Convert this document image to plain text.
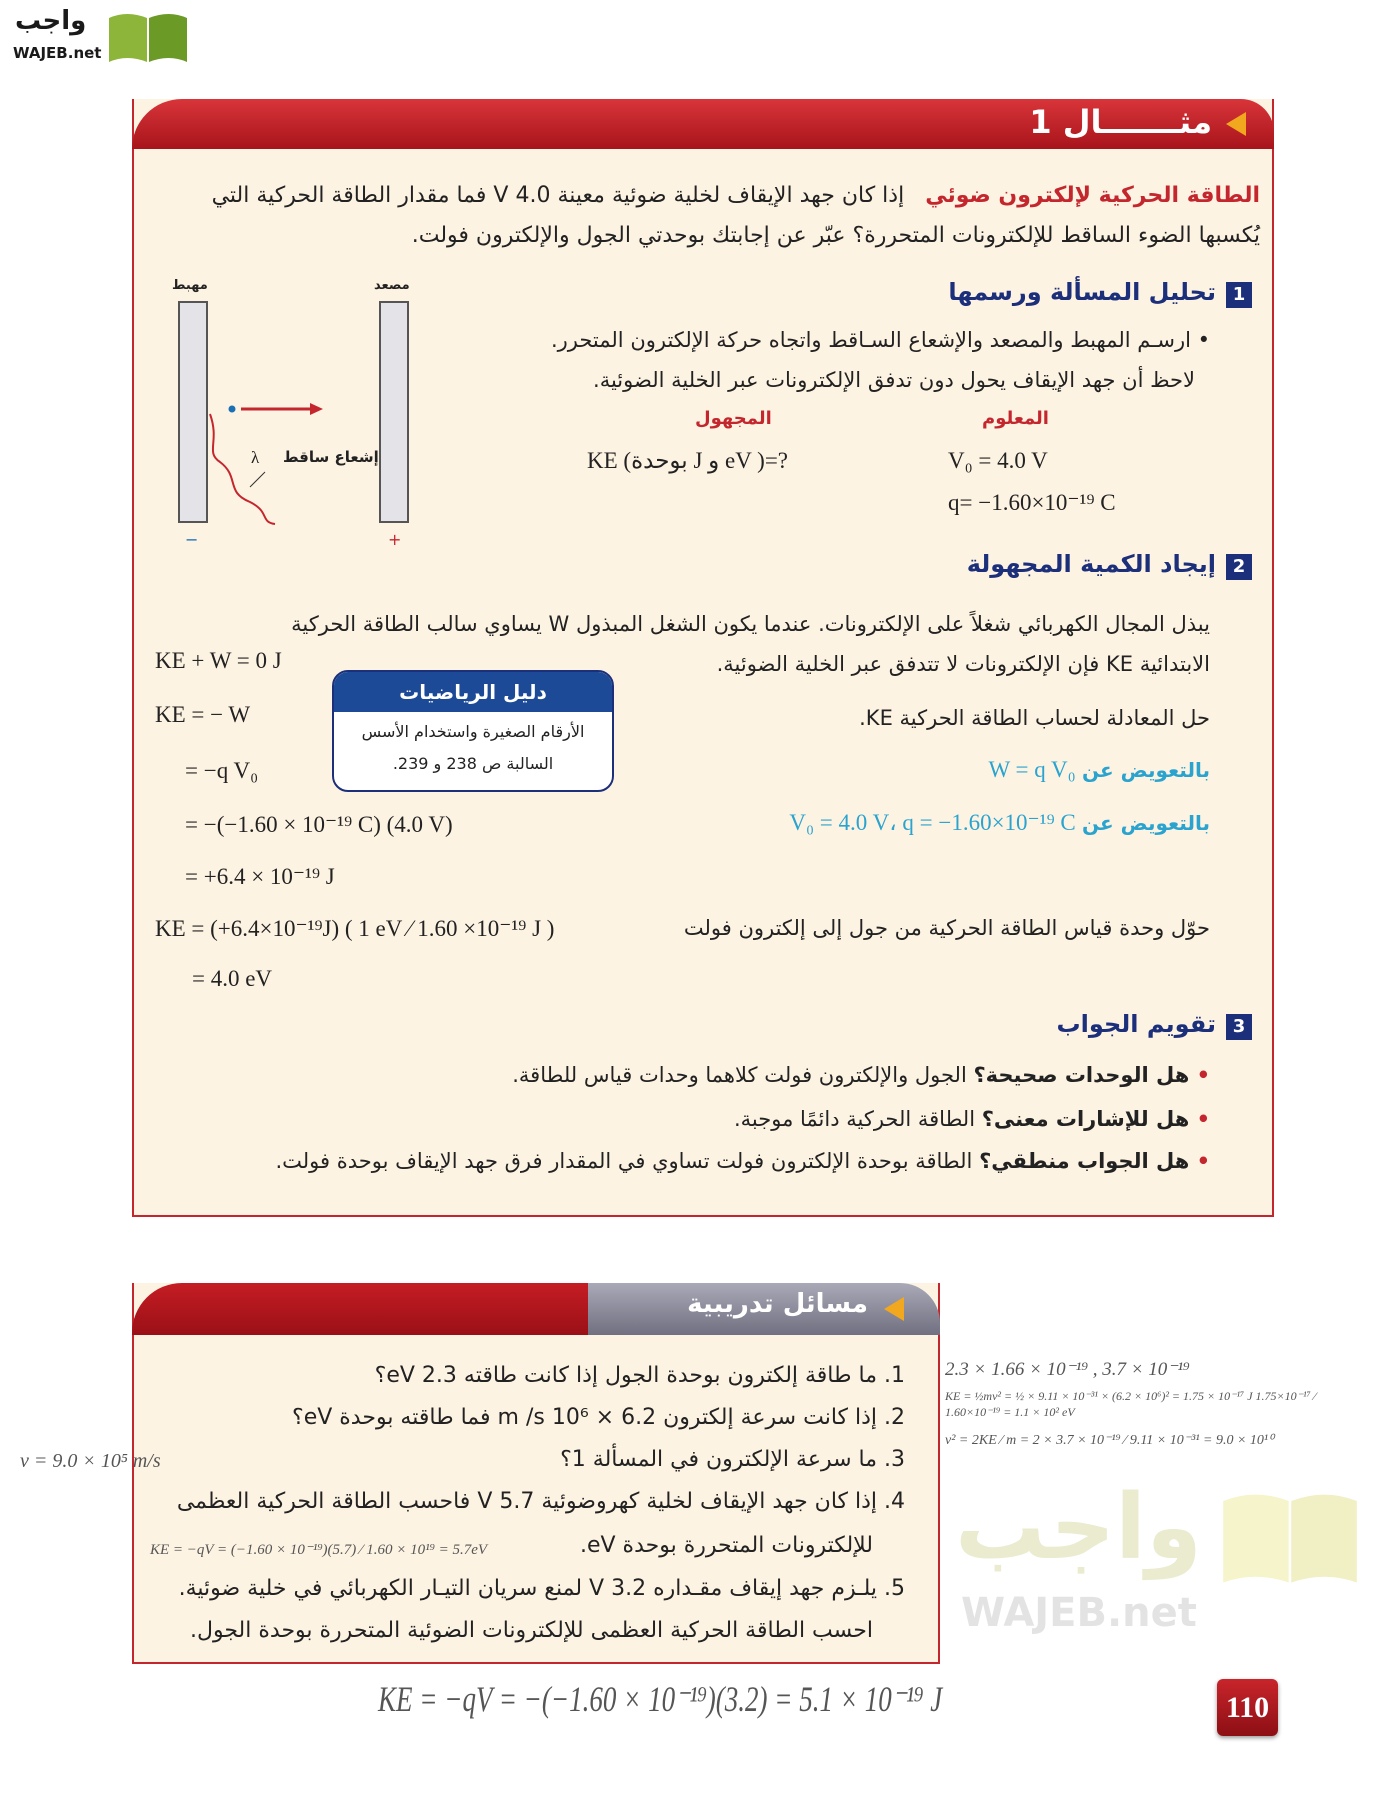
واجب
WAJEB.net
مثـــــــال 1
الطاقة الحركية لإلكترون ضوئي   إذا كان جهد الإيقاف لخلية ضوئية معينة 4.0 V فما مقدار الطاقة الحركية التي يُكسبها الضوء الساقط للإلكترونات المتحررة؟ عبّر عن إجابتك بوحدتي الجول والإلكترون فولت.
مهبط	مصعد
إشعاع ساقط
λ
−	+
1تحليل المسألة ورسمها
• ارسـم المهبط والمصعد والإشعاع السـاقط واتجاه حركة الإلكترون المتحرر.
لاحظ أن جهد الإيقاف يحول دون تدفق الإلكترونات عبر الخلية الضوئية.
المعلوم
المجهول
V₀ = 4.0 V
q= −1.60×10⁻¹⁹ C
KE (بوحدة J و eV )=?
2إيجاد الكمية المجهولة
يبذل المجال الكهربائي شغلاً على الإلكترونات. عندما يكون الشغل المبذول W يساوي سالب الطاقة الحركية
الابتدائية KE فإن الإلكترونات لا تتدفق عبر الخلية الضوئية.
حل المعادلة لحساب الطاقة الحركية KE.
بالتعويض عن W = q V₀
بالتعويض عن V₀ = 4.0 V، q = −1.60×10⁻¹⁹ C
حوّل وحدة قياس الطاقة الحركية من جول إلى إلكترون فولت
KE + W = 0 J
KE = − W
= −q V₀
= −(−1.60 × 10⁻¹⁹ C) (4.0 V)
= +6.4 × 10⁻¹⁹ J
KE = (+6.4×10⁻¹⁹J) ( 1 eV ⁄ 1.60 ×10⁻¹⁹ J )
= 4.0 eV
دليل الرياضيات
الأرقام الصغيرة واستخدام الأسس
السالبة ص 238 و 239.
3تقويم الجواب
• هل الوحدات صحيحة؟ الجول والإلكترون فولت كلاهما وحدات قياس للطاقة.
• هل للإشارات معنى؟ الطاقة الحركية دائمًا موجبة.
• هل الجواب منطقي؟ الطاقة بوحدة الإلكترون فولت تساوي في المقدار فرق جهد الإيقاف بوحدة فولت.
مسائل تدريبية
1. ما طاقة إلكترون بوحدة الجول إذا كانت طاقته 2.3 eV؟
2. إذا كانت سرعة إلكترون 6.2 × 10⁶ m /s فما طاقته بوحدة eV؟
3. ما سرعة الإلكترون في المسألة 1؟
4. إذا كان جهد الإيقاف لخلية كهروضوئية 5.7 V فاحسب الطاقة الحركية العظمى
للإلكترونات المتحررة بوحدة eV.
5. يلـزم جهد إيقاف مقـداره 3.2 V لمنع سريان التيـار الكهربائي في خلية ضوئية.
احسب الطاقة الحركية العظمى للإلكترونات الضوئية المتحررة بوحدة الجول.
2.3 × 1.66 × 10⁻¹⁹ , 3.7 × 10⁻¹⁹
KE = ½mv² = ½ × 9.11 × 10⁻³¹ × (6.2 × 10⁶)² = 1.75 × 10⁻¹⁷ J 1.75×10⁻¹⁷ ⁄ 1.60×10⁻¹⁹ = 1.1 × 10² eV
v² = 2KE ⁄ m = 2 × 3.7 × 10⁻¹⁹ ⁄ 9.11 × 10⁻³¹ = 9.0 × 10¹⁰
v = 9.0 × 10⁵ m/s
KE = −qV = (−1.60 × 10⁻¹⁹)(5.7) ⁄ 1.60 × 10¹⁹ = 5.7eV
KE = −qV = −(−1.60 × 10⁻¹⁹)(3.2) = 5.1 × 10⁻¹⁹ J
واجب
WAJEB.net
110
